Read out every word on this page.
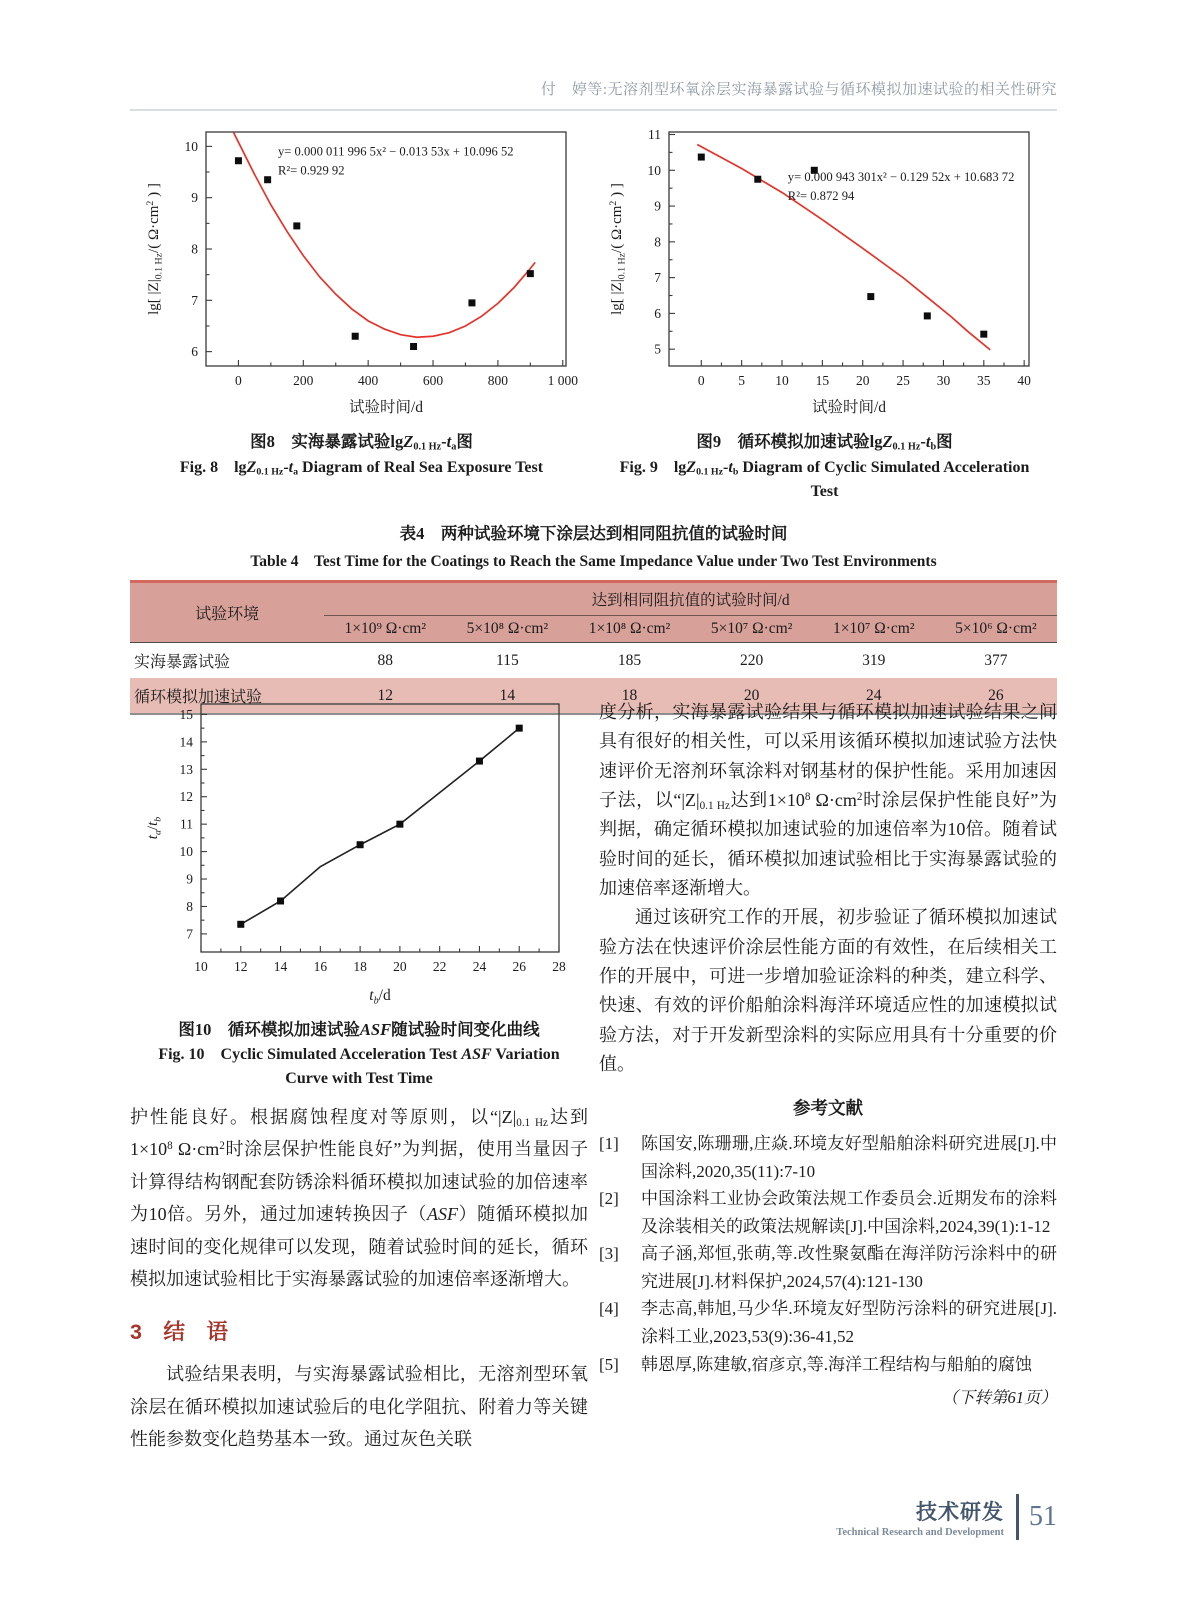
付　婷等:无溶剂型环氧涂层实海暴露试验与循环模拟加速试验的相关性研究
0	200	400	600	800	1 000
6
7
8
9
10	y= 0.000 011 996 5x² − 0.013 53x + 10.096 52
R²= 0.929 92
试验时间/d
lg[ $|Z|_{0.1 Hz}/$( $\Omega\cdot cm^2$ ) ]
图8　实海暴露试验lgZ0.1 Hz-ta图
Fig. 8　lgZ0.1 Hz-ta Diagram of Real Sea Exposure Test
0 5 10 15 20 25 30 35 40
5
6
7
8
9
10
11
y= 0.000 943 301x² − 0.129 52x + 10.683 72
R²= 0.872 94
试验时间/d
lg[ $|Z|_{0.1 Hz}/$( $\Omega\cdot cm^2$ ) ]
图9　循环模拟加速试验lgZ0.1 Hz-tb图
Fig. 9　lgZ0.1 Hz-tb Diagram of Cyclic Simulated Acceleration Test
表4　两种试验环境下涂层达到相同阻抗值的试验时间
Table 4　Test Time for the Coatings to Reach the Same Impedance Value under Two Test Environments
试验环境	达到相同阻抗值的试验时间/d					
	1×10⁹ Ω·cm²	5×10⁸ Ω·cm²	1×10⁸ Ω·cm²	5×10⁷ Ω·cm²	1×10⁷ Ω·cm²	5×10⁶ Ω·cm²
实海暴露试验	88	115	185	220	319	377
循环模拟加速试验	12	14	18	20	24	26
10 12 14 16 18 20 22 24 26 28
7
8
9
10
11
12
13
14
15
$t_b/d$
$t_a/t_b$
图10　循环模拟加速试验ASF随试验时间变化曲线
Fig. 10　Cyclic Simulated Acceleration Test ASF Variation Curve with Test Time

护性能良好。根据腐蚀程度对等原则，以“|Z|0.1 Hz达到$1\times 10^8$ $\Omega\cdot cm^2$时涂层保护性能良好”为判据，使用当量因子计算得结构钢配套防锈涂料循环模拟加速试验的加倍速率为10倍。另外，通过加速转换因子（ASF）随循环模拟加速时间的变化规律可以发现，随着试验时间的延长，循环模拟加速试验相比于实海暴露试验的加速倍率逐渐增大。

3　结　语

试验结果表明，与实海暴露试验相比，无溶剂型环氧涂层在循环模拟加速试验后的电化学阻抗、附着力等关键性能参数变化趋势基本一致。通过灰色关联

度分析，实海暴露试验结果与循环模拟加速试验结果之间具有很好的相关性，可以采用该循环模拟加速试验方法快速评价无溶剂环氧涂料对钢基材的保护性能。采用加速因子法，以“|Z|0.1 Hz达到$1\times 10^8$ $\Omega\cdot cm^2$时涂层保护性能良好”为判据，确定循环模拟加速试验的加速倍率为10倍。随着试验时间的延长，循环模拟加速试验相比于实海暴露试验的加速倍率逐渐增大。

通过该研究工作的开展，初步验证了循环模拟加速试验方法在快速评价涂层性能方面的有效性，在后续相关工作的开展中，可进一步增加验证涂料的种类，建立科学、快速、有效的评价船舶涂料海洋环境适应性的加速模拟试验方法，对于开发新型涂料的实际应用具有十分重要的价值。

参考文献
[1]	陈国安,陈珊珊,庄焱.环境友好型船舶涂料研究进展[J].中国涂料,2020,35(11):7-10
[2]	中国涂料工业协会政策法规工作委员会.近期发布的涂料及涂装相关的政策法规解读[J].中国涂料,2024,39(1):1-12
[3]	高子涵,郑恒,张萌,等.改性聚氨酯在海洋防污涂料中的研究进展[J].材料保护,2024,57(4):121-130
[4]	李志高,韩旭,马少华.环境友好型防污涂料的研究进展[J].涂料工业,2023,53(9):36-41,52
[5]	韩恩厚,陈建敏,宿彦京,等.海洋工程结构与船舶的腐蚀
（下转第61页）
技术研发
Technical Research and Development
51
